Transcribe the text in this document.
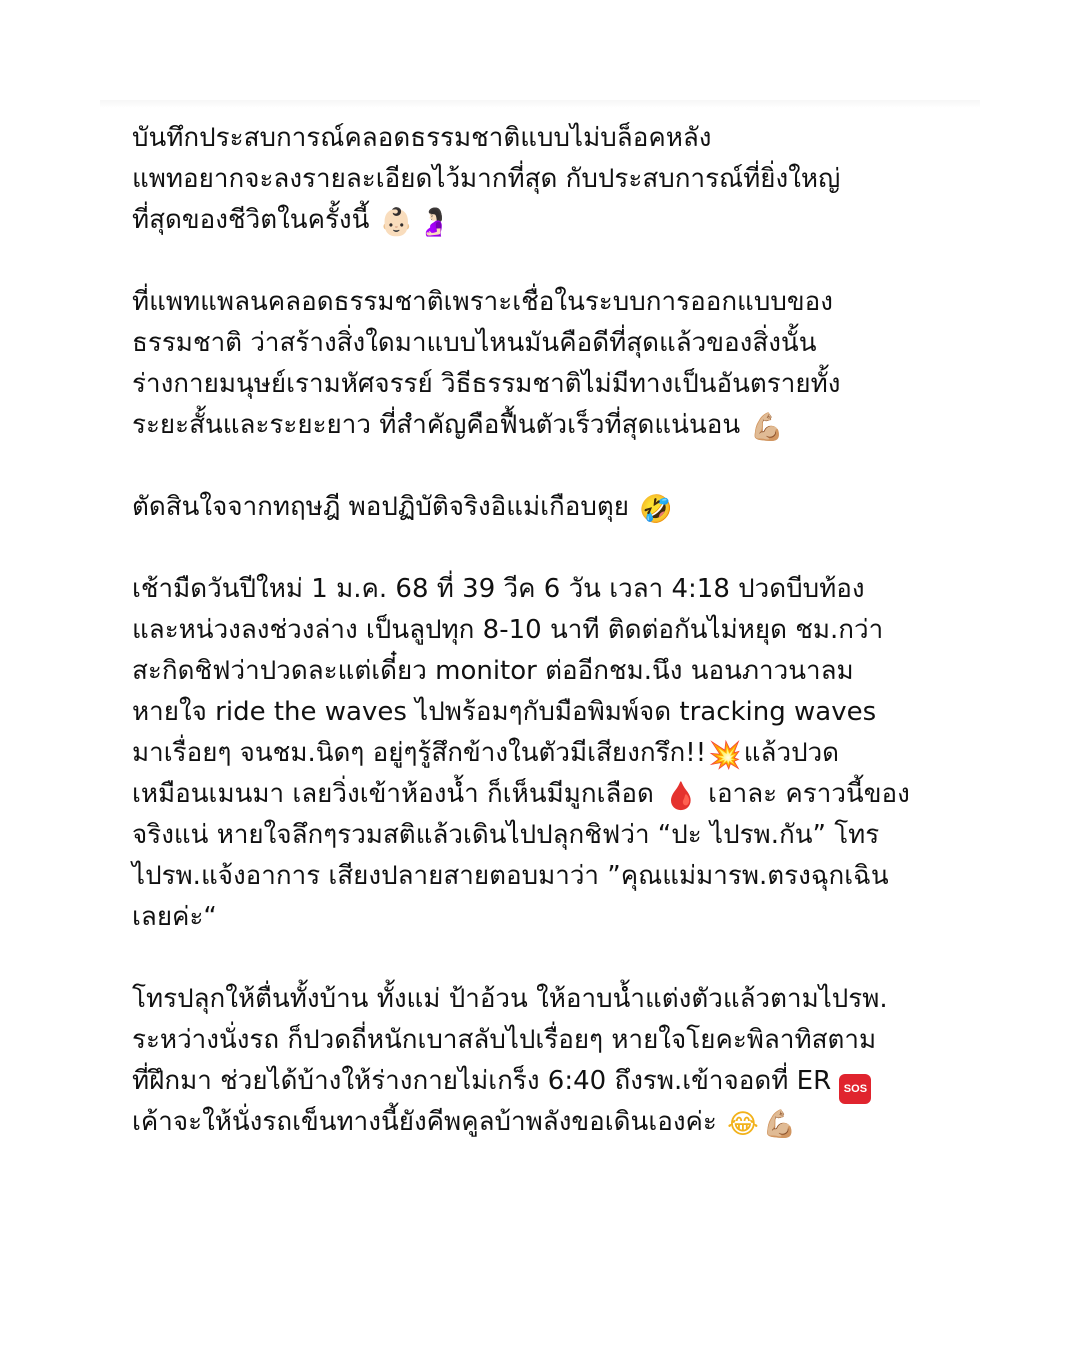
บันทึกประสบการณ์คลอดธรรมชาติแบบไม่บล็อคหลัง
แพทอยากจะลงรายละเอียดไว้มากที่สุด กับประสบการณ์ที่ยิ่งใหญ่
ที่สุดของชีวิตในครั้งนี้ 👶🏻 🤰🏻
ที่แพทแพลนคลอดธรรมชาติเพราะเชื่อในระบบการออกแบบของ
ธรรมชาติ ว่าสร้างสิ่งใดมาแบบไหนมันคือดีที่สุดแล้วของสิ่งนั้น
ร่างกายมนุษย์เรามหัศจรรย์ วิธีธรรมชาติไม่มีทางเป็นอันตรายทั้ง
ระยะสั้นและระยะยาว ที่สำคัญคือฟื้นตัวเร็วที่สุดแน่นอน 💪🏼
ตัดสินใจจากทฤษฎี พอปฏิบัติจริงอิแม่เกือบตุย 🤣
เช้ามืดวันปีใหม่ 1 ม.ค. 68 ที่ 39 วีค 6 วัน เวลา 4:18 ปวดบีบท้อง
และหน่วงลงช่วงล่าง เป็นลูปทุก 8-10 นาที ติดต่อกันไม่หยุด ชม.กว่า
สะกิดชิฟว่าปวดละแต่เดี๋ยว monitor ต่ออีกชม.นึง นอนภาวนาลม
หายใจ ride the waves ไปพร้อมๆกับมือพิมพ์จด tracking waves
มาเรื่อยๆ จนชม.นิดๆ อยู่ๆรู้สึกข้างในตัวมีเสียงกรึก!!💥แล้วปวด
เหมือนเมนมา เลยวิ่งเข้าห้องน้ำ ก็เห็นมีมูกเลือด 🩸 เอาละ คราวนี้ของ
จริงแน่ หายใจลึกๆรวมสติแล้วเดินไปปลุกชิฟว่า “ปะ ไปรพ.กัน” โทร
ไปรพ.แจ้งอาการ เสียงปลายสายตอบมาว่า ”คุณแม่มารพ.ตรงฉุกเฉิน
เลยค่ะ“
โทรปลุกให้ตื่นทั้งบ้าน ทั้งแม่ ป้าอ้วน ให้อาบน้ำแต่งตัวแล้วตามไปรพ.
ระหว่างนั่งรถ ก็ปวดถี่หนักเบาสลับไปเรื่อยๆ หายใจโยคะพิลาทิสตาม
ที่ฝึกมา ช่วยได้บ้างให้ร่างกายไม่เกร็ง 6:40 ถึงรพ.เข้าจอดที่ ER SOS
เค้าจะให้นั่งรถเข็นทางนี้ยังคีพคูลบ้าพลังขอเดินเองค่ะ 😂 💪🏼
